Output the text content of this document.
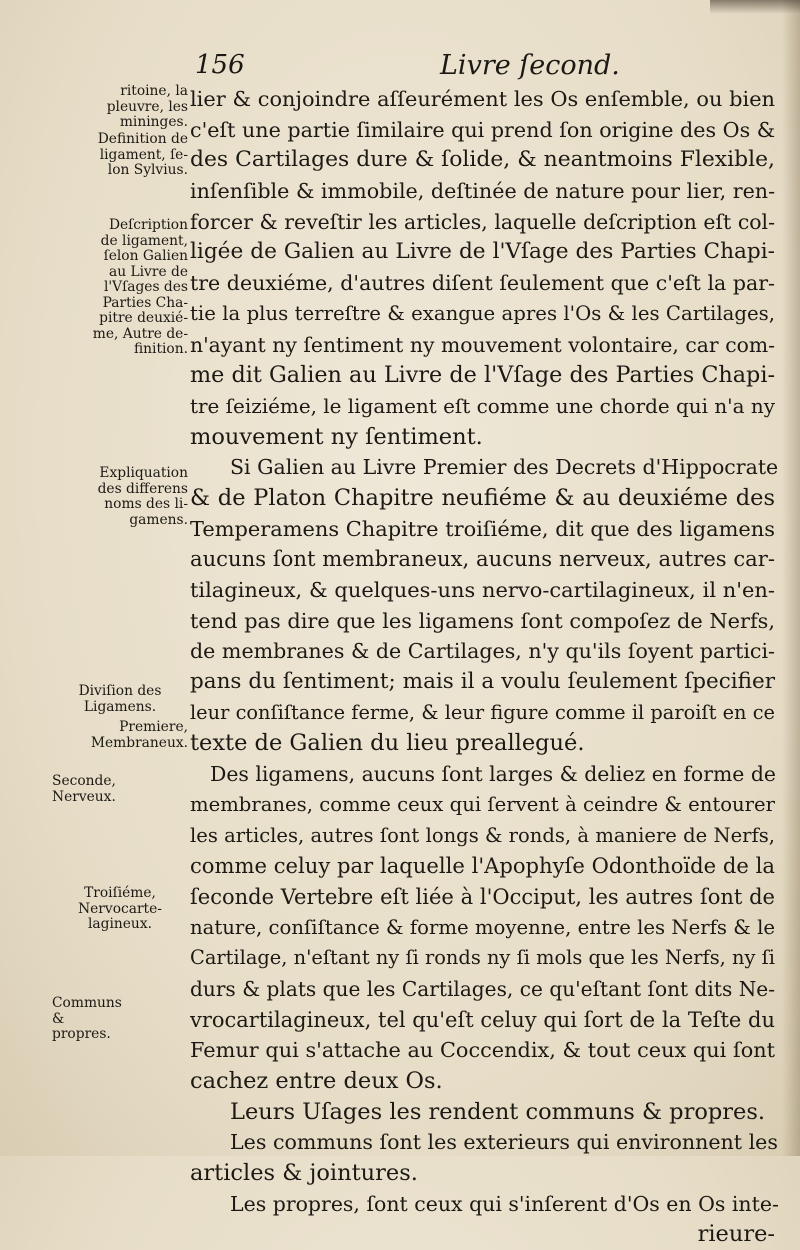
156	Livre ſecond.
ritoine, la
pleuvre, les
mininges.
Definition de
ligament, ſe-
lon Sylvius.
Deſcription
de ligament,
ſelon Galien
au Livre de
l'Vſages des
Parties Cha-
pitre deuxié-
me, Autre de-
finition.
Expliquation
des differens
noms des li-
gamens.
Diviſion des
Ligamens.
Premiere,
Membraneux.
Seconde,
Nerveux.
Troiſiéme,
Nervocarte-
lagineux.
Communs
&
propres.
lier & conjoindre aſſeurément les Os enſemble, ou bien
c'eſt une partie ſimilaire qui prend ſon origine des Os &
des Cartilages dure & ſolide, & neantmoins Flexible,
inſenſible & immobile, deſtinée de nature pour lier, ren-
forcer & reveſtir les articles, laquelle deſcription eſt col-
ligée de Galien au Livre de l'Vſage des Parties Chapi-
tre deuxiéme, d'autres diſent ſeulement que c'eſt la par-
tie la plus terreſtre & exangue apres l'Os & les Cartilages,
n'ayant ny ſentiment ny mouvement volontaire, car com-
me dit Galien au Livre de l'Vſage des Parties Chapi-
tre ſeiziéme, le ligament eſt comme une chorde qui n'a ny
mouvement ny ſentiment.
Si Galien au Livre Premier des Decrets d'Hippocrate
& de Platon Chapitre neufiéme & au deuxiéme des
Temperamens Chapitre troiſiéme, dit que des ligamens
aucuns ſont membraneux, aucuns nerveux, autres car-
tilagineux, & quelques-uns nervo-cartilagineux, il n'en-
tend pas dire que les ligamens ſont compoſez de Nerfs,
de membranes & de Cartilages, n'y qu'ils ſoyent partici-
pans du ſentiment; mais il a voulu ſeulement ſpecifier
leur conſiſtance ferme, & leur figure comme il paroiſt en ce
texte de Galien du lieu preallegué.
Des ligamens, aucuns ſont larges & deliez en forme de
membranes, comme ceux qui ſervent à ceindre & entourer
les articles, autres ſont longs & ronds, à maniere de Nerfs,
comme celuy par laquelle l'Apophyſe Odonthoïde de la
ſeconde Vertebre eſt liée à l'Occiput, les autres ſont de
nature, conſiſtance & forme moyenne, entre les Nerfs & le
Cartilage, n'eſtant ny ſi ronds ny ſi mols que les Nerfs, ny ſi
durs & plats que les Cartilages, ce qu'eſtant ſont dits Ne-
vrocartilagineux, tel qu'eſt celuy qui ſort de la Teſte du
Femur qui s'attache au Coccendix, & tout ceux qui ſont
cachez entre deux Os.
Leurs Uſages les rendent communs & propres.
Les communs ſont les exterieurs qui environnent les
articles & jointures.
Les propres, ſont ceux qui s'inſerent d'Os en Os inte-
rieure-
